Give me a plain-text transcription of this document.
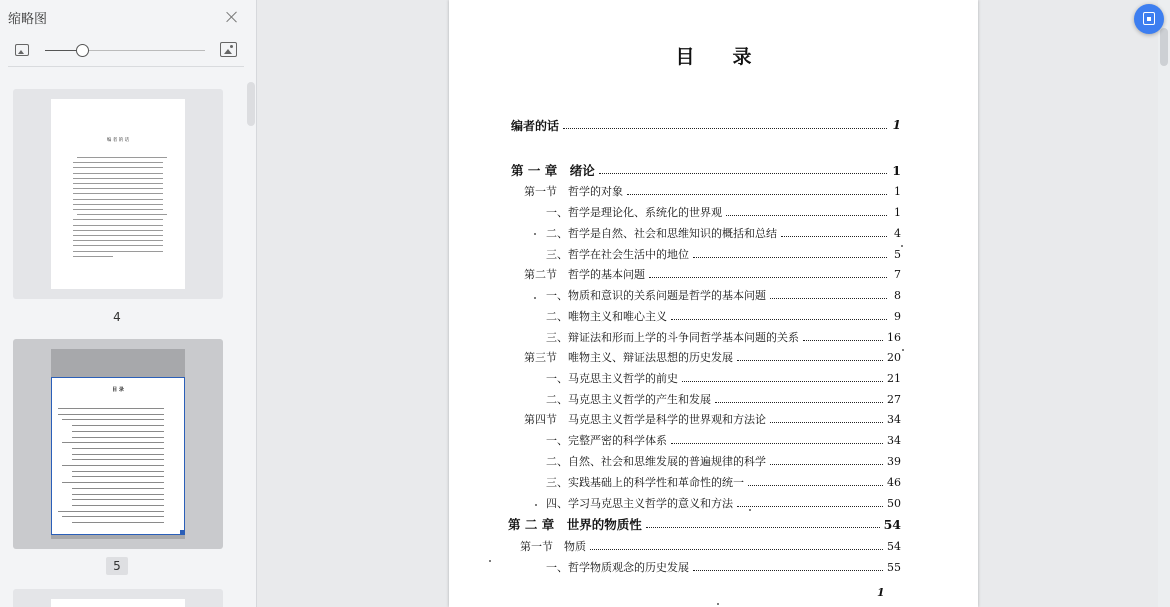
缩略图
编 者 的 话
4
目 录
5
目录
编者的话	1
第 一 章　绪论	1
第一节　哲学的对象	1
一、哲学是理论化、系统化的世界观	1
二、哲学是自然、社会和思维知识的概括和总结	4
三、哲学在社会生活中的地位	5
第二节　哲学的基本问题	7
一、物质和意识的关系问题是哲学的基本问题	8
二、唯物主义和唯心主义	9
三、辩证法和形而上学的斗争同哲学基本问题的关系	16
第三节　唯物主义、辩证法思想的历史发展	20
一、马克思主义哲学的前史	21
二、马克思主义哲学的产生和发展	27
第四节　马克思主义哲学是科学的世界观和方法论	34
一、完整严密的科学体系	34
二、自然、社会和思维发展的普遍规律的科学	39
三、实践基础上的科学性和革命性的统一	46
四、学习马克思主义哲学的意义和方法	50
第 二 章　世界的物质性	54
第一节　物质	54
一、哲学物质观念的历史发展	55
1
